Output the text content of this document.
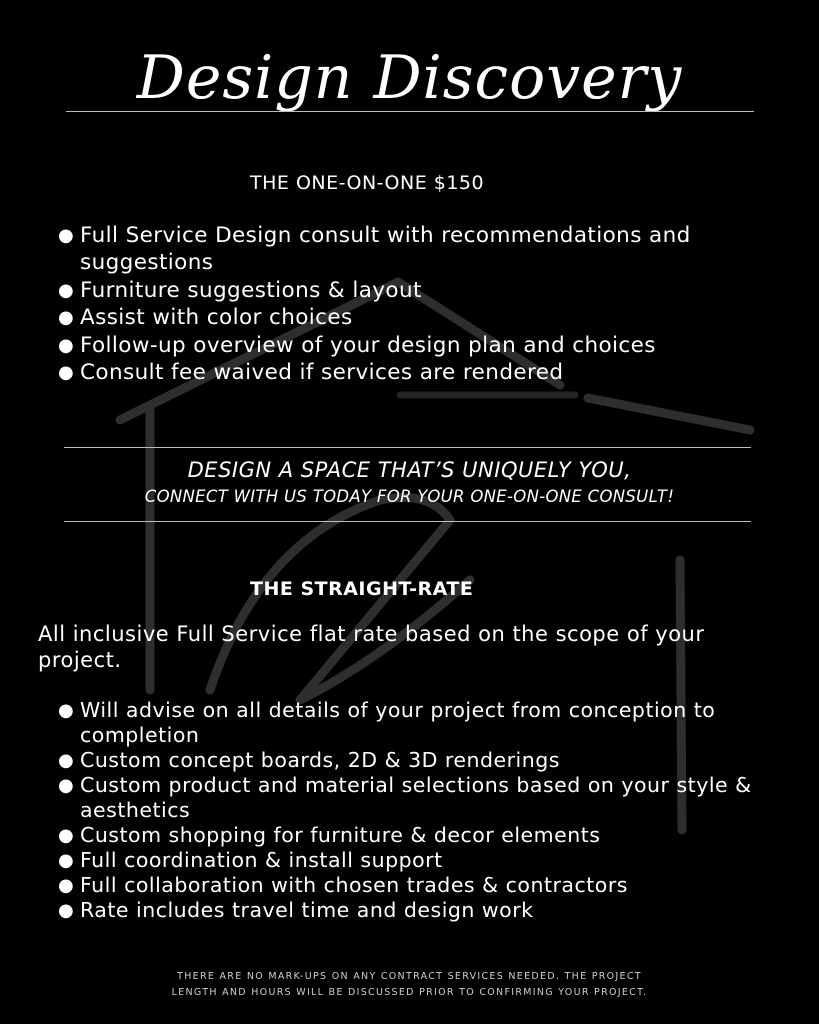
Design Discovery
THE ONE-ON-ONE $150
● Full Service Design consult with recommendations and suggestions
● Furniture suggestions & layout
● Assist with color choices
● Follow-up overview of your design plan and choices
● Consult fee waived if services are rendered
DESIGN A SPACE THAT’S UNIQUELY YOU,
CONNECT WITH US TODAY FOR YOUR ONE-ON-ONE CONSULT!
THE STRAIGHT-RATE
All inclusive Full Service flat rate based on the scope of your project.
● Will advise on all details of your project from conception to completion
● Custom concept boards, 2D & 3D renderings
● Custom product and material selections based on your style & aesthetics
● Custom shopping for furniture & decor elements
● Full coordination & install support
● Full collaboration with chosen trades & contractors
● Rate includes travel time and design work
THERE ARE NO MARK-UPS ON ANY CONTRACT SERVICES NEEDED. THE PROJECT
LENGTH AND HOURS WILL BE DISCUSSED PRIOR TO CONFIRMING YOUR PROJECT.
